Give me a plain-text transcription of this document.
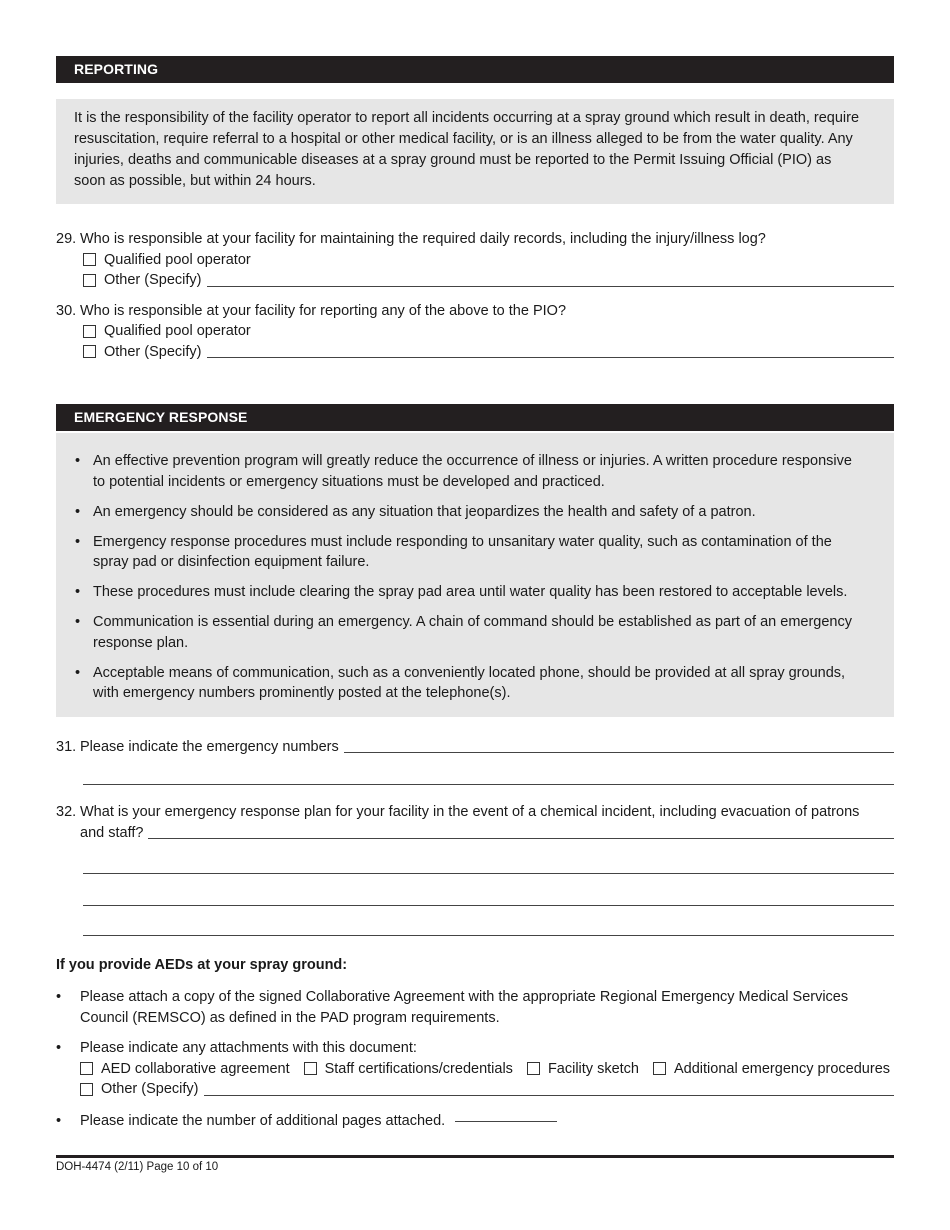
REPORTING
It is the responsibility of the facility operator to report all incidents occurring at a spray ground which result in death, require resuscitation, require referral to a hospital or other medical facility, or is an illness alleged to be from the water quality. Any injuries, deaths and communicable diseases at a spray ground must be reported to the Permit Issuing Official (PIO) as soon as possible, but within 24 hours.
29. Who is responsible at your facility for maintaining the required daily records, including the injury/illness log?
Qualified pool operator
Other (Specify)
30. Who is responsible at your facility for reporting any of the above to the PIO?
Qualified pool operator
Other (Specify)
EMERGENCY RESPONSE
• An effective prevention program will greatly reduce the occurrence of illness or injuries. A written procedure responsive to potential incidents or emergency situations must be developed and practiced.
• An emergency should be considered as any situation that jeopardizes the health and safety of a patron.
• Emergency response procedures must include responding to unsanitary water quality, such as contamination of the spray pad or disinfection equipment failure.
• These procedures must include clearing the spray pad area until water quality has been restored to acceptable levels.
• Communication is essential during an emergency. A chain of command should be established as part of an emergency response plan.
• Acceptable means of communication, such as a conveniently located phone, should be provided at all spray grounds, with emergency numbers prominently posted at the telephone(s).
31. Please indicate the emergency numbers
32. What is your emergency response plan for your facility in the event of a chemical incident, including evacuation of patrons
and staff?
If you provide AEDs at your spray ground:
• Please attach a copy of the signed Collaborative Agreement with the appropriate Regional Emergency Medical Services Council (REMSCO) as defined in the PAD program requirements.
• Please indicate any attachments with this document:
AED collaborative agreement Staff certifications/credentials Facility sketch Additional emergency procedures
Other (Specify)
• Please indicate the number of additional pages attached.
DOH-4474 (2/11) Page 10 of 10
